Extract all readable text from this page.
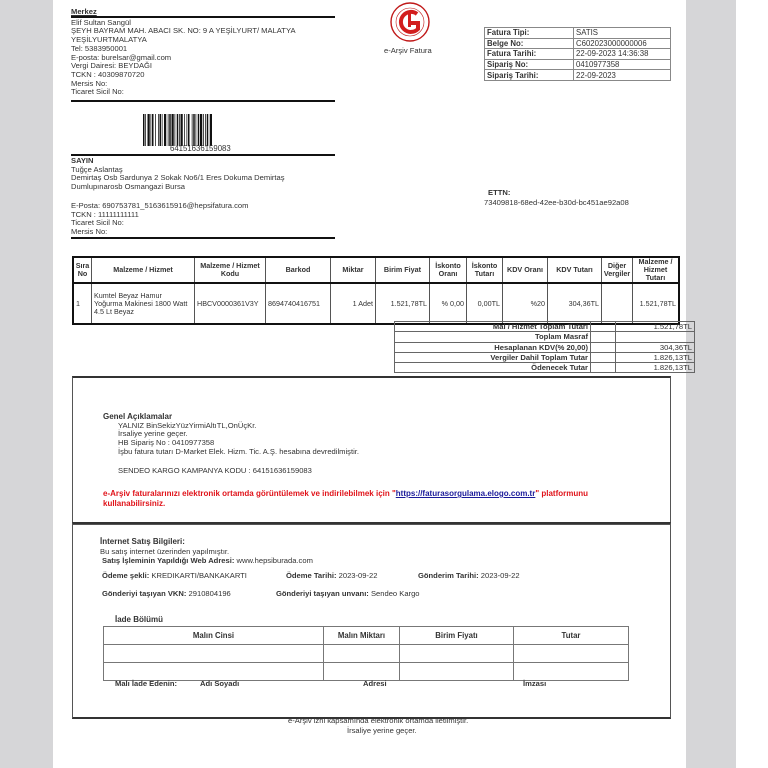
Merkez
Elif Sultan Sangül
ŞEYH BAYRAM MAH. ABACI SK. NO: 9 A YEŞİLYURT/ MALATYA
YEŞİLYURTMALATYA
Tel: 5383950001
E-posta: burelsar@gmail.com
Vergi Dairesi: BEYDAĞI
TCKN : 40309870720
Mersis No:
Ticaret Sicil No:
e-Arşiv Fatura
Fatura Tipi:	SATIS
Belge No:	C602023000000006
Fatura Tarihi:	22-09-2023 14:36:38
Sipariş No:	0410977358
Sipariş Tarihi:	22-09-2023
64151636159083
SAYIN
Tuğçe Aslantaş
Demirtaş Osb Sardunya 2 Sokak No6/1 Eres Dokuma Demirtaş
Dumlupınarosb Osmangazi Bursa
E-Posta: 690753781_5163615916@hepsifatura.com
TCKN : 11111111111
Ticaret Sicil No:
Mersis No:
ETTN:
73409818-68ed-42ee-b30d-bc451ae92a08
Sıra No	Malzeme / Hizmet	Malzeme / Hizmet Kodu	Barkod	Miktar	Birim Fiyat	İskonto Oranı	İskonto Tutarı	KDV Oranı	KDV Tutarı	Diğer Vergiler	Malzeme / Hizmet Tutarı
1	Kumtel Beyaz Hamur Yoğurma Makinesi 1800 Watt 4.5 Lt Beyaz	HBCV0000361V3Y	8694740416751	1 Adet	1.521,78TL	% 0,00	0,00TL	%20	304,36TL		1.521,78TL
Mal / Hizmet Toplam Tutarı		1.521,78TL
Toplam Masraf		
Hesaplanan KDV(% 20,00)		304,36TL
Vergiler Dahil Toplam Tutar		1.826,13TL
Ödenecek Tutar		1.826,13TL
Genel Açıklamalar
YALNIZ BinSekizYüzYirmiAltıTL,OnÜçKr.
İrsaliye yerine geçer.
HB Sipariş No : 0410977358
İşbu fatura tutarı D-Market Elek. Hizm. Tic. A.Ş. hesabına devredilmiştir.
SENDEO KARGO KAMPANYA KODU : 64151636159083
e-Arşiv faturalarınızı elektronik ortamda görüntülemek ve indirilebilmek için "https://faturasorgulama.elogo.com.tr" platformunu
kullanabilirsiniz.
İnternet Satış Bilgileri:
Bu satış internet üzerinden yapılmıştır.
Satış İşleminin Yapıldığı Web Adresi: www.hepsiburada.com
Ödeme şekli: KREDIKARTI/BANKAKARTI	Ödeme Tarihi: 2023-09-22	Gönderim Tarihi: 2023-09-22
Gönderiyi taşıyan VKN: 2910804196	Gönderiyi taşıyan unvanı: Sendeo Kargo
İade Bölümü
Malın Cinsi	Malın Miktarı	Birim Fiyatı	Tutar

Malı İade Edenin:	Adı Soyadı	Adresi	İmzası
e-Arşiv izni kapsamında elektronik ortamda iletilmiştir.
İrsaliye yerine geçer.
